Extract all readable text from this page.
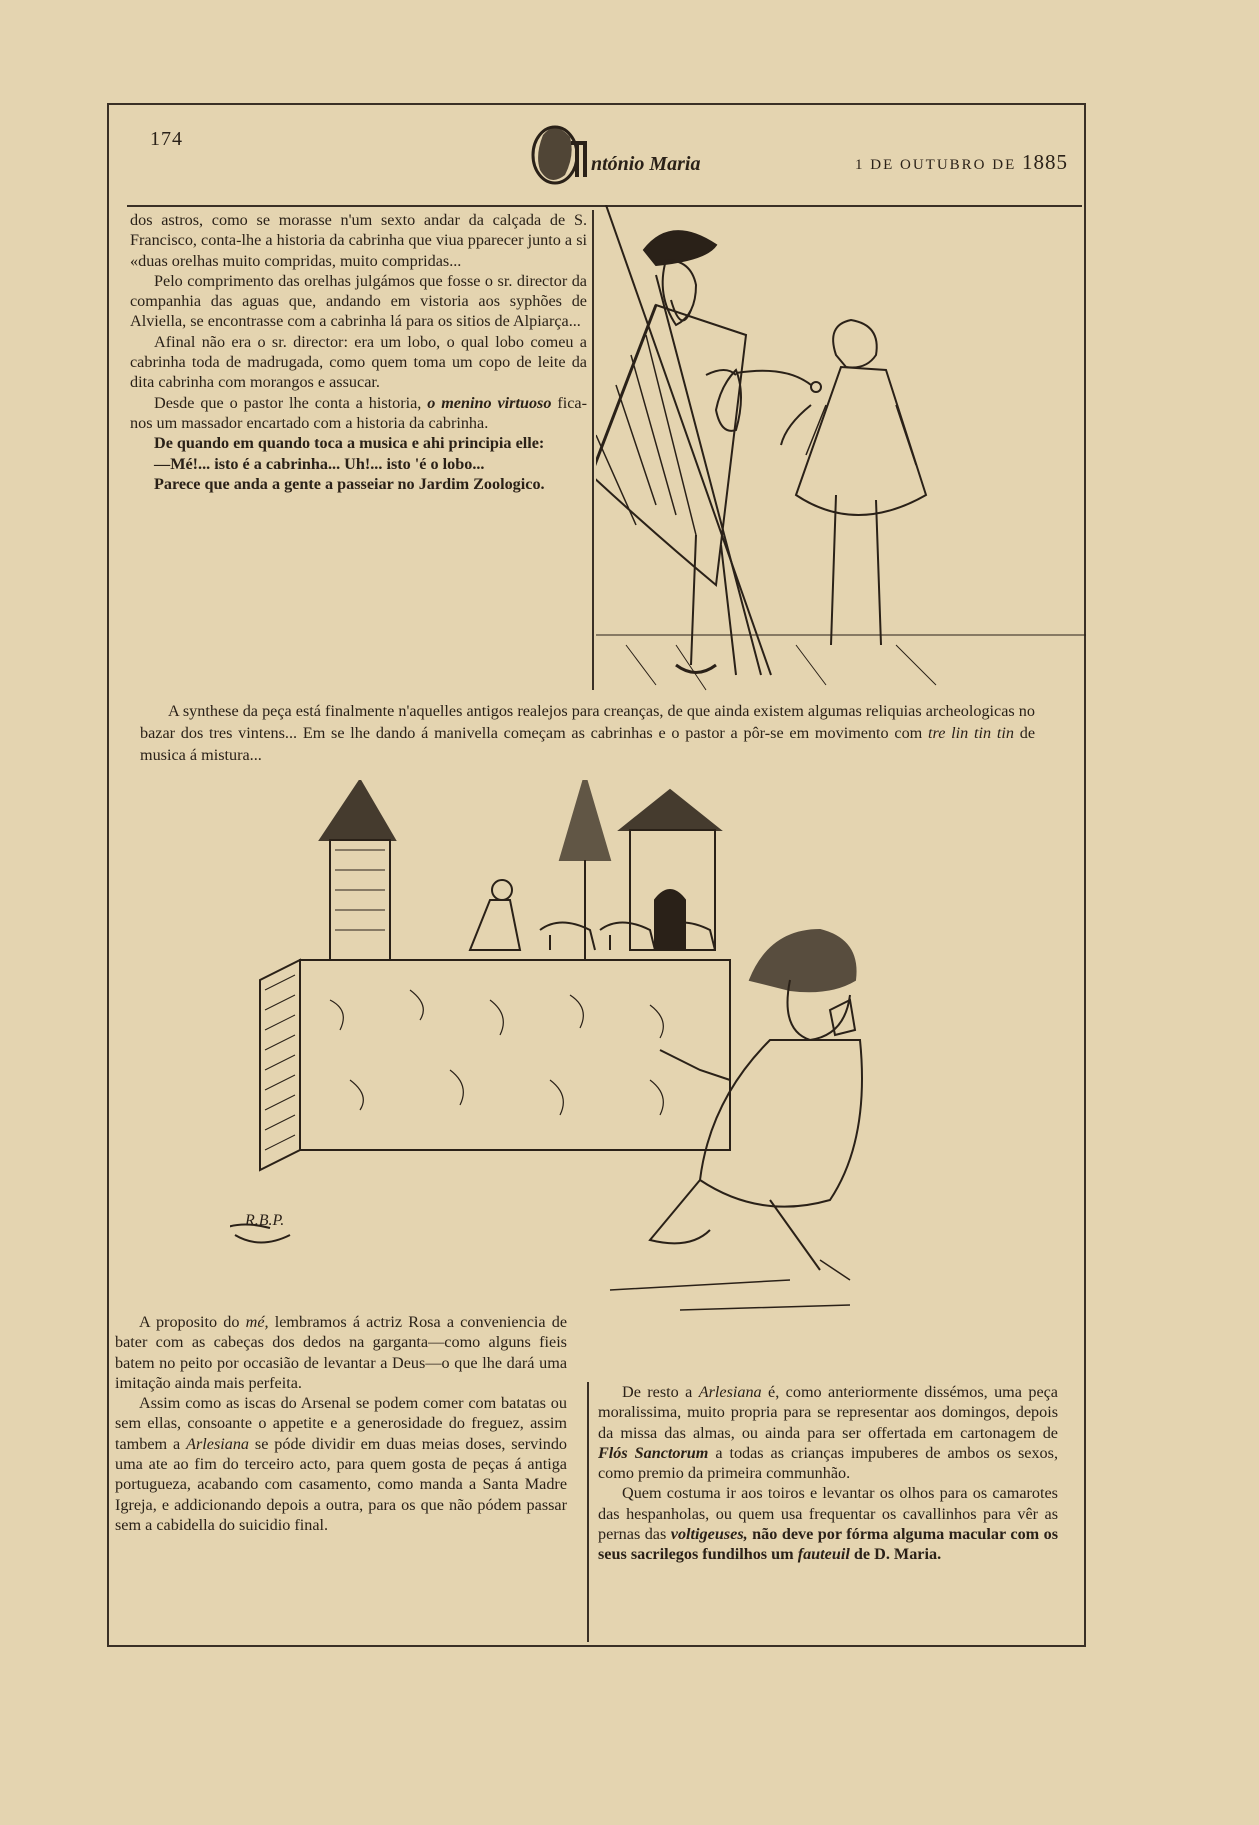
174
ntónio Maria	1 DE OUTUBRO DE 1885

dos astros, como se morasse n'um sexto andar da calçada de S. Francisco, conta-lhe a historia da cabrinha que viua pparecer junto a si «duas orelhas muito compridas, muito compridas...

Pelo comprimento das orelhas julgámos que fosse o sr. director da companhia das aguas que, andando em vistoria aos syphões de Alviella, se encontrasse com a cabrinha lá para os sitios de Alpiarça...

Afinal não era o sr. director: era um lobo, o qual lobo comeu a cabrinha toda de madrugada, como quem toma um copo de leite da dita cabrinha com morangos e assucar.

Desde que o pastor lhe conta a historia, o menino virtuoso fica-nos um massador encartado com a historia da cabrinha.

De quando em quando toca a musica e ahi principia elle:

—Mé!... isto é a cabrinha... Uh!... isto 'é o lobo...

Parece que anda a gente a passeiar no Jardim Zoologico.

A synthese da peça está finalmente n'aquelles antigos realejos para creanças, de que ainda existem algumas reliquias archeologicas no bazar dos tres vintens... Em se lhe dando á manivella começam as cabrinhas e o pastor a pôr-se em movimento com tre lin tin tin de musica á mistura...

R.B.P.

A proposito do mé, lembramos á actriz Rosa a conveniencia de bater com as cabeças dos dedos na garganta—como alguns fieis batem no peito por occasião de levantar a Deus—o que lhe dará uma imitação ainda mais perfeita.

Assim como as iscas do Arsenal se podem comer com batatas ou sem ellas, consoante o appetite e a generosidade do freguez, assim tambem a Arlesiana se póde dividir em duas meias doses, servindo uma ate ao fim do terceiro acto, para quem gosta de peças á antiga portugueza, acabando com casamento, como manda a Santa Madre Igreja, e addicionando depois a outra, para os que não pódem passar sem a cabidella do suicidio final.

De resto a Arlesiana é, como anteriormente dissémos, uma peça moralissima, muito propria para se representar aos domingos, depois da missa das almas, ou ainda para ser offertada em cartonagem de Flós Sanctorum a todas as crianças impuberes de ambos os sexos, como premio da primeira communhão.

Quem costuma ir aos toiros e levantar os olhos para os camarotes das hespanholas, ou quem usa frequentar os cavallinhos para vêr as pernas das voltigeuses, não deve por fórma alguma macular com os seus sacrilegos fundilhos um fauteuil de D. Maria.
